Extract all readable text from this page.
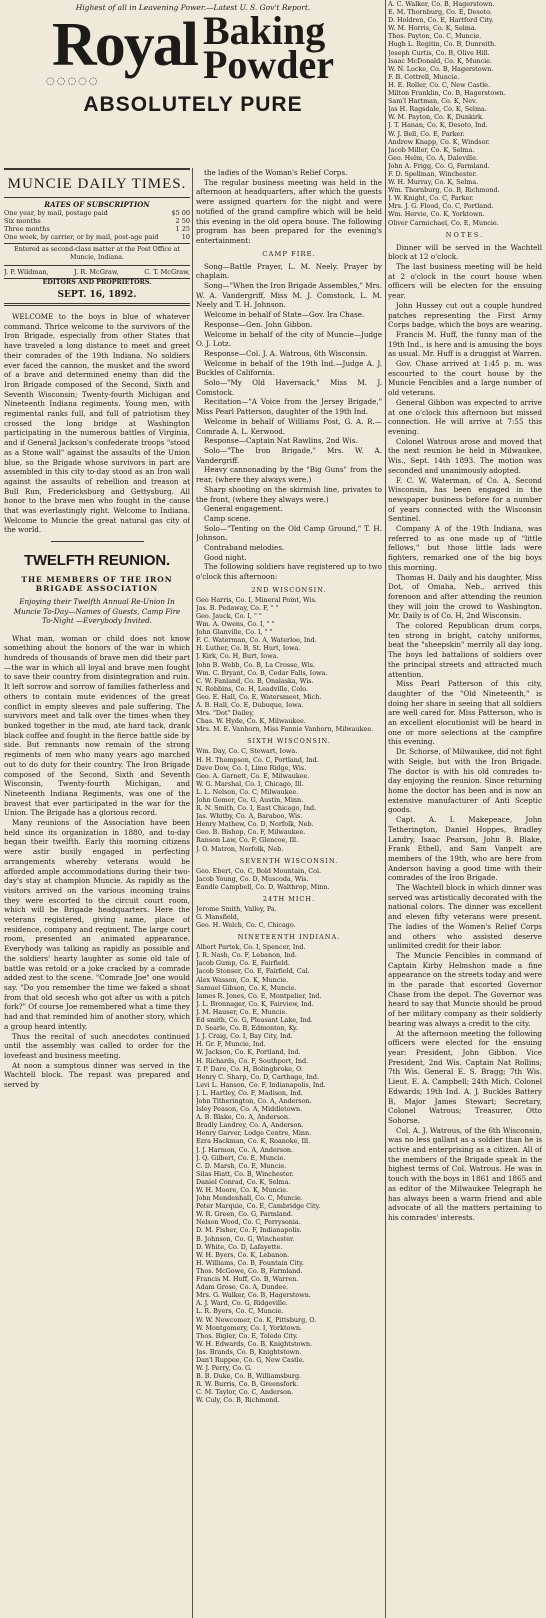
Highest of all in Leavening Power.—Latest U. S. Gov't Report.
Royal Baking
Powder
◌◌◌◌◌
ABSOLUTELY PURE
MUNCIE DAILY TIMES.
RATES OF SUBSCRIPTION
One year, by mail, postage paid	$5 00
Six months	2 50
Three months	1 25
One week, by carrier, or by mail, post-age paid	10
Entered as second-class matter at the Post Office at Muncie, Indiana.
J. P. Wildman,	J. R. McGraw,	C. T. McGraw,
EDITORS AND PROPRIETORS.
SEPT. 16, 1892.

WELCOME to the boys in blue of whatever command. Thrice welcome to the survivors of the Iron Brigade, especially from other States that have traveled a long distance to meet and greet their comrades of the 19th Indiana. No soldiers ever faced the cannon, the musket and the sword of a brave and determined enemy than did the Iron Brigade composed of the Second, Sixth and Seventh Wisconsin; Twenty-fourth Michigan and Nineteenth Indiana regiments. Young men, with regimental ranks full, and full of patriotism they crossed the long bridge at Washington participating in the numerous battles of Virginia, and if General Jackson's confederate troops "stood as a Stone wall" against the assaults of the Union blue, so the Brigade whose survivors in part are assembled in this city to-day stood as an Iron wall against the assaults of rebellion and treason at Bull Run, Fredericksburg and Gettysburg. All honor to the brave men who fought in the cause that was everlastingly right. Welcome to Indiana. Welcome to Muncie the great natural gas city of the world.

TWELFTH REUNION.
THE MEMBERS OF THE IRON BRIGADE ASSOCIATION
Enjoying their Twelfth Annual Re-Union In Muncie To-Day—Names of Guests, Camp Fire To-Night —Everybody Invited.

What man, woman or child does not know something about the honors of the war in which hundreds of thousands of brave men did their part—the war in which all loyal and brave men fought to save their country from disintegration and ruin. It left sorrow and sorrow of families fatherless and others to contain mute evidences of the great conflict in empty sleeves and pale suffering. The survivors meet and talk over the times when they bunked together in the mud, ate hard tack, drank black coffee and fought in the fierce battle side by side. But remnants now remain of the strong regiments of men who many years ago marched out to do duty for their country. The Iron Brigade composed of the Second, Sixth and Seventh Wisconsin, Twenty-fourth Michigan, and Nineteenth Indiana Regiments, was one of the bravest that ever participated in the war for the Union. The Brigade has a glorious record.

Many reunions of the Association have been held since its organization in 1880, and to-day began their twelfth. Early this morning citizens were astir busily engaged in perfecting arrangements whereby veterans would be afforded ample accommodations during their two-day's stay at champion Muncie. As rapidly as the visitors arrived on the various incoming trains they were escorted to the circuit court room, which will be Brigade headquarters. Here the veterans registered, giving name, place of residence, company and regiment. The large court room, presented an animated appearance. Everybody was talking as rapidly as possible and the soldiers' hearty laughter as some old tale of battle was retold or a joke cracked by a comrade added zest to the scene. "Comrade Joe" one would say. "Do you remember the time we faked a shoat from that old secesh who got after us with a pitch fork?" Of course Joe remembered what a time they had and that reminded him of another story, which a group heard intently.

Thus the recital of such anecdotes continued until the assembly was called to order for the lovefeast and business meeting.

At noon a sumptous dinner was served in the Wachtell block. The repast was prepared and served by

the ladies of the Woman's Relief Corps.

The regular business meeting was held in the afternoon at headquarters, after which the guests were assigned quarters for the night and were notified of the grand campfire which will be held this evening in the old opera house. The following program has been prepared for the evening's entertainment:

CAMP FIRE.

Song—Battle Prayer, L. M. Neely. Prayer by chaplain.

Song—"When the Iron Brigade Assembles," Mrs. W. A. Vandergriff, Miss M. J. Comstock, L. M. Neely and T. H. Johnson.

Welcome in behalf of State—Gov. Ira Chase.

Response—Gen. John Gibbon.

Welcome in behalf of the city of Muncie—Judge O. J. Lotz.

Response—Col. J. A. Watrous, 6th Wisconsin.

Welcome in behalf of the 19th Ind.—Judge A. J. Buckles of California.

Solo—"My Old Haversack," Miss M. J. Comstock.

Recitation—"A Voice from the Jersey Brigade," Miss Pearl Patterson, daughter of the 19th Ind.

Welcome in behalf of Williams Post, G. A. R.—Comrade A. L. Kerwood.

Response—Captain Nat Rawlins, 2nd Wis.

Solo—"The Iron Brigade," Mrs. W. A. Vandergriff.

Heavy cannonading by the "Big Guns" from the rear, (where they always were.)

Sharp shooting on the skirmish line, privates to the front, (where they always were.)

General engagement.

Camp scene.

Solo—"Tenting on the Old Camp Ground," T. H. Johnson.

Contraband melodies.

Good night.

The following soldiers have registered up to two o'clock this afternoon:

2ND WISCONSIN.

Geo Harris, Co. I, Mineral Point, Wis.

Jas. B. Pedaway, Co. F, " "

Geo. Jauck, Co. I, " "

Wm. A. Owens, Co. I, " "

John Glanville, Co. I, " "

F. C. Waterman, Co. A, Waterloo, Ind.

H. Luther, Co. B, St. Hurt, Iowa.

J. Kirk, Co. H, Burt, Iowa.

John B. Webb, Co. B, La Crosse, Wis.

Wm. C. Bryant, Co. B, Cedar Falls, Iowa.

C. W. Fanland, Co. B, Onalaska, Wis.

N. Robbins, Co. H, Leadville, Colo.

Geo. E. Hall, Co. E, Watersmeet, Mich.

A. B. Hall, Co. E, Dubuque, Iowa.

Mrs. "Dot" Dailey,

Chas. W. Hyde, Co. K, Milwaukee.

Mrs. M. E. Vanhorn, Miss Fannie Vanhorn, Milwaukee.

SIXTH WISCONSIN.

Wm. Day, Co. C, Stewart, Iowa.

H. H. Thompson, Co. C, Portland, Ind.

Dave Dow, Co. I, Lime Ridge, Wis.

Geo. A. Garnett, Co. E, Milwaukee.

W. G. Marshal, Co. I, Chicago, Ill.

L. L. Nelson, Co. C, Milwaukee.

John Gomer, Co. G, Austin, Minn.

R. N. Smith, Co. I, East Chicago, Ind.

Jas. Whitby, Co. A, Baraboo, Wis.

Henry Mathew, Co. D, Norfolk, Neb.

Geo. B. Bishop, Co. F, Milwaukee.

Ranson Law, Co. F, Glencoe, Ill.

J. O. Matron, Norfolk, Neb.

SEVENTH WISCONSIN.

Geo. Ebert, Co. C, Bold Mountain, Col.

Jacob Young, Co. D, Muscoda, Wis.

Eandle Campbell, Co. D, Walthrop, Minn.

24TH MICH.

Jerome Smith, Valley, Pa.

G. Mansfield,

Geo. H. Welch, Co. C, Chicago.

NINETEENTH INDIANA.

Albert Partek, Co. I, Spencer, Ind.

J. R. Nash, Co. F, Lebanon, Ind.

Jacob Gump, Co. E, Fairfield.

Jacob Stonser, Co. E, Fairfield, Cal.

Alex Wasson, Co. K, Muncie.

Samuel Gibson, Co. K, Muncie.

James R. Jones, Co. E, Montpelier, Ind.

J. L. Bronnager, Co. K, Fairview, Ind.

J. M. Hauser, Co. E, Muncie.

Ed smith, Co. G, Pleasant Lake, Ind.

D. Searle, Co. B, Edmonton, Ky.

J. J. Craig, Co. I, Bay City, Ind.

H. Gr. F, Muncie, Ind.

W. Jackson, Co. K, Portland, Ind.

H. Richards, Co. F, Southport, Ind.

T. P. Dare, Co. H, Bolingbroke, O.

Henry C. Sharp, Co. D, Carthage, Ind.

Levi L. Hanson, Co. F, Indianapolis, Ind.

J. L. Hartley, Co. F, Madison, Ind.

John Titherington, Co. A, Anderson.

Isley Peason, Co. A, Middletown.

A. B. Blake, Co. A, Anderson.

Bradly Landrey, Co. A, Anderson.

Henry Garver, Lodge Centre, Minn.

Ezra Hackman, Co. K, Roanoke, Ill.

J. J. Harmon, Co. A, Anderson.

J. Q. Gilbert, Co. E, Muncie.

C. D. Marsh, Co. E, Muncie.

Silas Hiatt, Co. B, Winchester.

Daniel Conrad, Co. K, Selma.

W. H. Moore, Co. K, Muncie.

John Mendenhall, Co. C, Muncie.

Peter Marquie, Co. E, Cambridge City.

W. R. Green, Co. G, Farmland.

Nelson Wood, Co. C, Perrysonia.

D. M. Fisher, Co. F, Indianapolis.

B. Johnson, Co. G, Winchester.

D. White, Co. D, Lafayette.

W. H. Byers, Co. K, Lebanon.

H. Williams, Co. B, Fountain City.

Thos. McGowe, Co. B, Farmland.

Francis M. Huff, Co. B, Warren.

Adam Grose, Co. A, Dundee.

Mrs. G. Walker, Co. B, Hagerstown.

A. J. Ward, Co. G, Ridgeville.

L. R. Byers, Co. C, Muncie.

W. W. Newcomer, Co. K, Pittsburg, O.

W. Montgomery, Co. I, Yorktown.

Thos. Bigler, Co. E, Toledo City.

W. H. Edwards, Co. B, Knightstown.

Jas. Brands, Co. B, Knightstown.

Dan'l Ruppee, Co. G, New Castle.

W. J. Perry, Co. G.

B. B. Duke, Co. B, Williamsburg.

R. W. Burris, Co. B, Greensfork.

C. M. Taylor, Co. C, Anderson.

W. Culy, Co. B, Richmond.

A. C. Walker, Co. B, Hagerstown.

E. M. Thornburg, Co. E, Desoto.

D. Holdren, Co. E, Hartford City.

W. M. Horris, Co. K, Selma.

Thos. Payton, Co. C, Muncie.

Hugh L. Regitin, Co. B, Dunreith.

Joseph Curtis, Co. B, Olive Hill.

Isaac McDonald, Co. K, Muncie.

W. N. Locke, Co. B, Hagerstown.

F. B. Cottrell, Muncie.

H. E. Roller, Co. C, New Castle.

Milton Franklin, Co. B, Hagerstown.

Sam'l Hartman, Co. K, Nev.

Jas H. Ragsdale, Co. K, Selma.

W. M. Payton, Co. K, Dunkirk.

J. T. Hanan, Co. K, Desoto, Ind.

W. J. Bell, Co. E, Parker.

Andrew Knapp, Co. K, Windsor.

Jacob Miller, Co. K, Selma.

Geo. Helm, Co. A, Daleville.

John A. Frigg, Co. G, Farmland.

F. D. Spellman, Winchester.

W. H. Murray, Co. K, Selma.

Wm. Thornburg, Co. B, Richmond.

J. W. Knight, Co. C, Parker.

Mrs. J. G. Flood, Co. C, Portland.

Wm. Hervie, Co. K, Yorktown.

Oliver Carmichael, Co. E, Muncie.

NOTES.

Dinner will be served in the Wachtell block at 12 o'clock.

The last business meeting will be held at 2 o'clock in the court house when officers will be electen for the ensuing year.

John Hussey cut out a couple hundred patches representing the First Army Corps badge, which the boys are wearing.

Francis M. Huff, the funny man of the 19th Ind., is here and is amusing the boys as usual. Mr. Huff is a druggist at Warren.

Gov. Chase arrived at 1:45 p. m. was escourted to the court house by the Muncie Fencibles and a large number of old veterans.

General Gibbon was expected to arrive at one o'clock this afternoon but missed connection. He will arrive at 7:55 this evening.

Colonel Watrous arose and moved that the next reunion be held in Milwaukee, Wis., Sept. 14th 1893. The motion was seconded and unanimously adopted.

F. C. W. Waterman, of Co. A, Second Wisconsin, has been engaged in the newspaper business before for a number of years connected with the Wisconsin Sentinel.

Company A of the 19th Indiana, was referred to as one made up of "little fellows," but those little lads were fighters, remarked one of the big boys this morning.

Thomas H. Daily and his daughter, Miss Dot, of Omaha, Neb., arrived this forenoon and after attending the reunion they will join the crowd to Washington. Mr. Daily is of Co. H, 2nd Wisconsin.

The colored Republican drum corps, ten strong in bright, catchy uniforms, beat the "sheepskin" merrily all day long. The boys led battalions of soldiers over the principal streets and attracted much attention.

Miss Pearl Patterson of this city, daughter of the "Old Nineteenth," is doing her share in seeing that all soldiers are well cared for. Miss Patterson, who is an excellent elocutionist will be heard in one or more selections at the campfire this evening.

Dr. Schorse, of Milwaukee, did not fight with Seigle, but with the Iron Brigade. The doctor is with his old comrades to-day enjoying the reunion. Since returning home the doctor has been and is now an extensive manufacturer of Anti Sceptic goods.

Capt. A. I. Makepeace, John Tetherington, Daniel Hoppes, Bradley Landry, Isaac Pearson, John B. Blake, Frank Ethell, and Sam Vanpelt are members of the 19th, who are here from Anderson having a good time with their comrades of the Iron Brigade.

The Wachtell block in which dinner was served was artistically decorated with the national colors. The dinner was excellent and eleven fifty veterans were present. The ladies of the Women's Relief Corps and others who assisted deserve unlimited credit for their labor.

The Muncie Fencibles in command of Captain Kirby Helmshon made a fine appearance on the streets today and were in the parade that escorted Governor Chase from the depot. The Governor was heard to say that Muncie should be proud of her military company as their soldierly bearing was always a credit to the city.

At the afternoon meeting the following officers were elected for the ensuing year: President, John Gibbon. Vice President, 2nd Wis. Captain Nat Rollins; 7th Wis. General E. S. Bragg; 7th Wis. Lieut. E. A. Campbell; 24th Mich. Colonel Edwards; 19th Ind. A. J. Buckles Battery B, Major James Stewart; Secretary, Colonel Watrous; Treasurer, Otto Sohorse.

Col. A. J. Watrous, of the 6th Wisconsin, was no less gallant as a soldier than he is active and enterprising as a citizen. All of the members of the Brigade speak in the highest terms of Col. Watrous. He was in touch with the boys in 1861 and 1865 and as editor of the Milwaukee Telegraph he has always been a warm friend and able advocate of all the matters pertaining to his comrades' interests.
